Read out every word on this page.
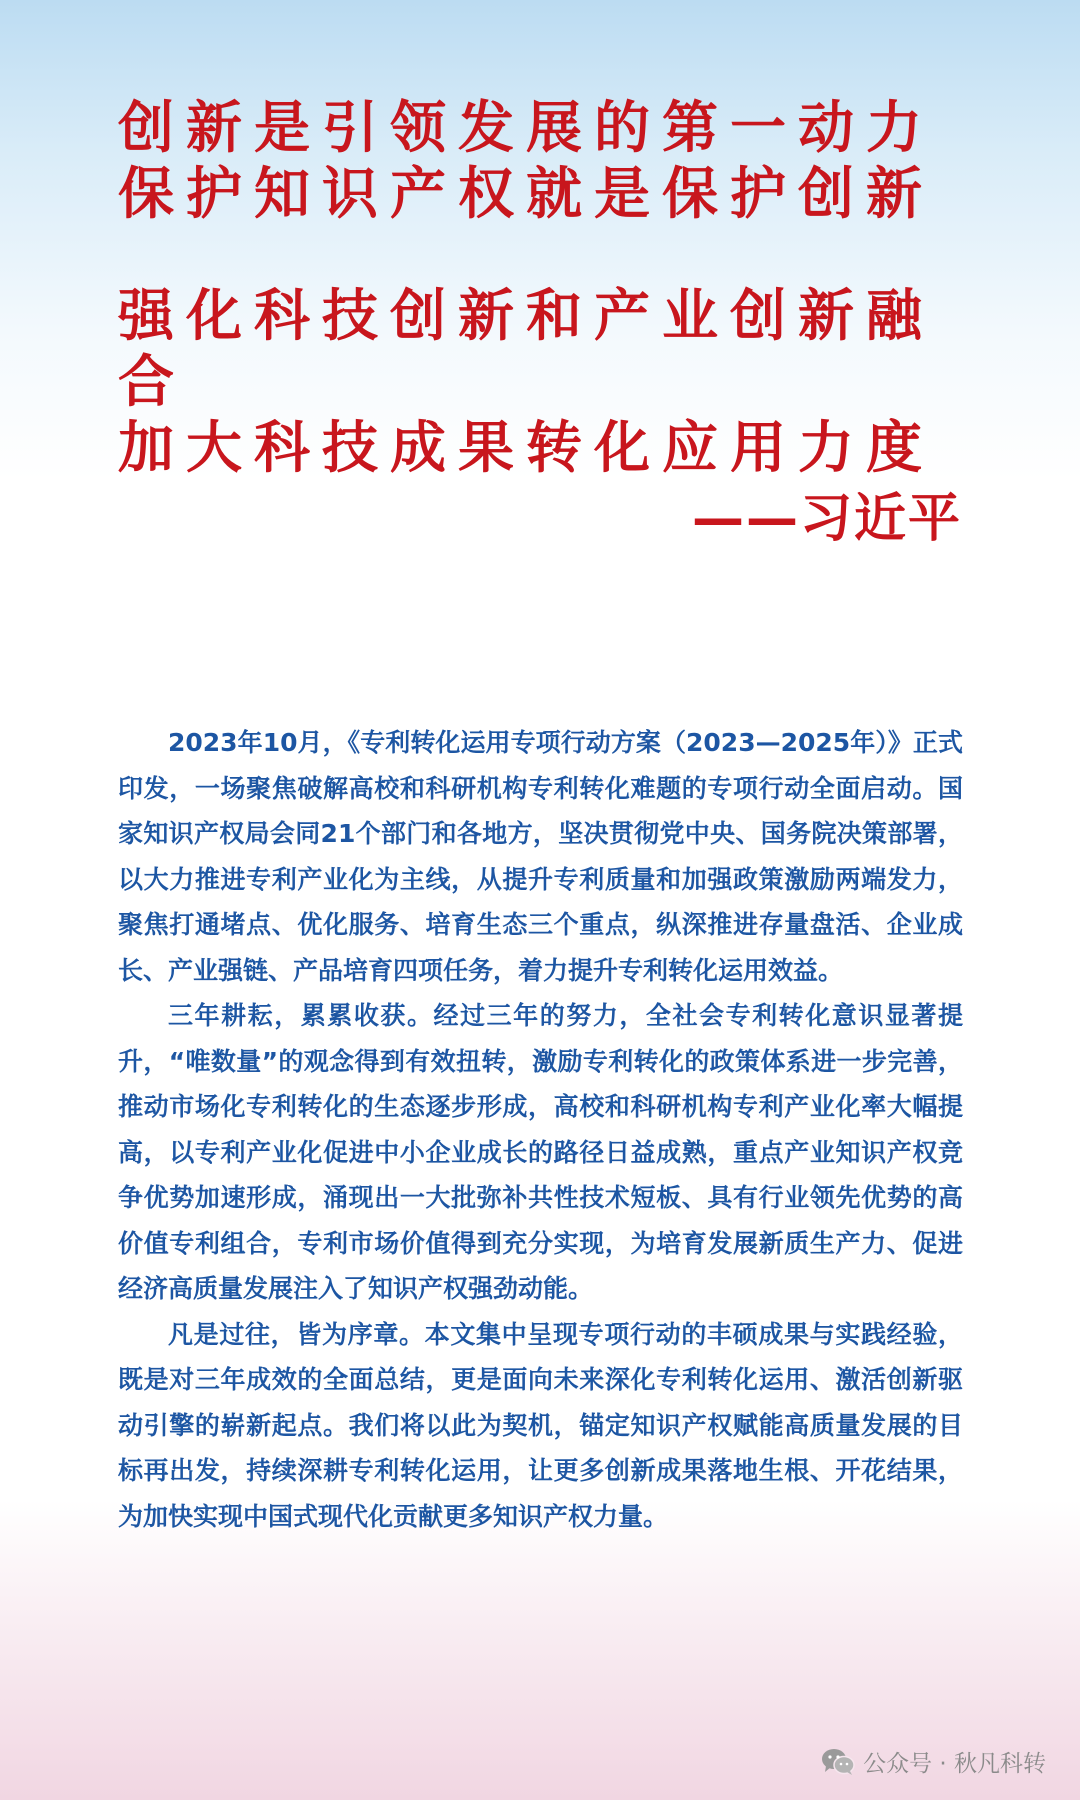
创新是引领发展的第一动力
保护知识产权就是保护创新
强化科技创新和产业创新融合
加大科技成果转化应用力度
——习近平

2023年10月，《专利转化运用专项行动方案（2023—2025年）》正式印发，一场聚焦破解高校和科研机构专利转化难题的专项行动全面启动。国家知识产权局会同21个部门和各地方，坚决贯彻党中央、国务院决策部署，以大力推进专利产业化为主线，从提升专利质量和加强政策激励两端发力，聚焦打通堵点、优化服务、培育生态三个重点，纵深推进存量盘活、企业成长、产业强链、产品培育四项任务，着力提升专利转化运用效益。

三年耕耘，累累收获。经过三年的努力，全社会专利转化意识显著提升，“唯数量”的观念得到有效扭转，激励专利转化的政策体系进一步完善，推动市场化专利转化的生态逐步形成，高校和科研机构专利产业化率大幅提高，以专利产业化促进中小企业成长的路径日益成熟，重点产业知识产权竞争优势加速形成，涌现出一大批弥补共性技术短板、具有行业领先优势的高价值专利组合，专利市场价值得到充分实现，为培育发展新质生产力、促进经济高质量发展注入了知识产权强劲动能。

凡是过往，皆为序章。本文集中呈现专项行动的丰硕成果与实践经验，既是对三年成效的全面总结，更是面向未来深化专利转化运用、激活创新驱动引擎的崭新起点。我们将以此为契机，锚定知识产权赋能高质量发展的目标再出发，持续深耕专利转化运用，让更多创新成果落地生根、开花结果，为加快实现中国式现代化贡献更多知识产权力量。

公众号 · 秋凡科转
